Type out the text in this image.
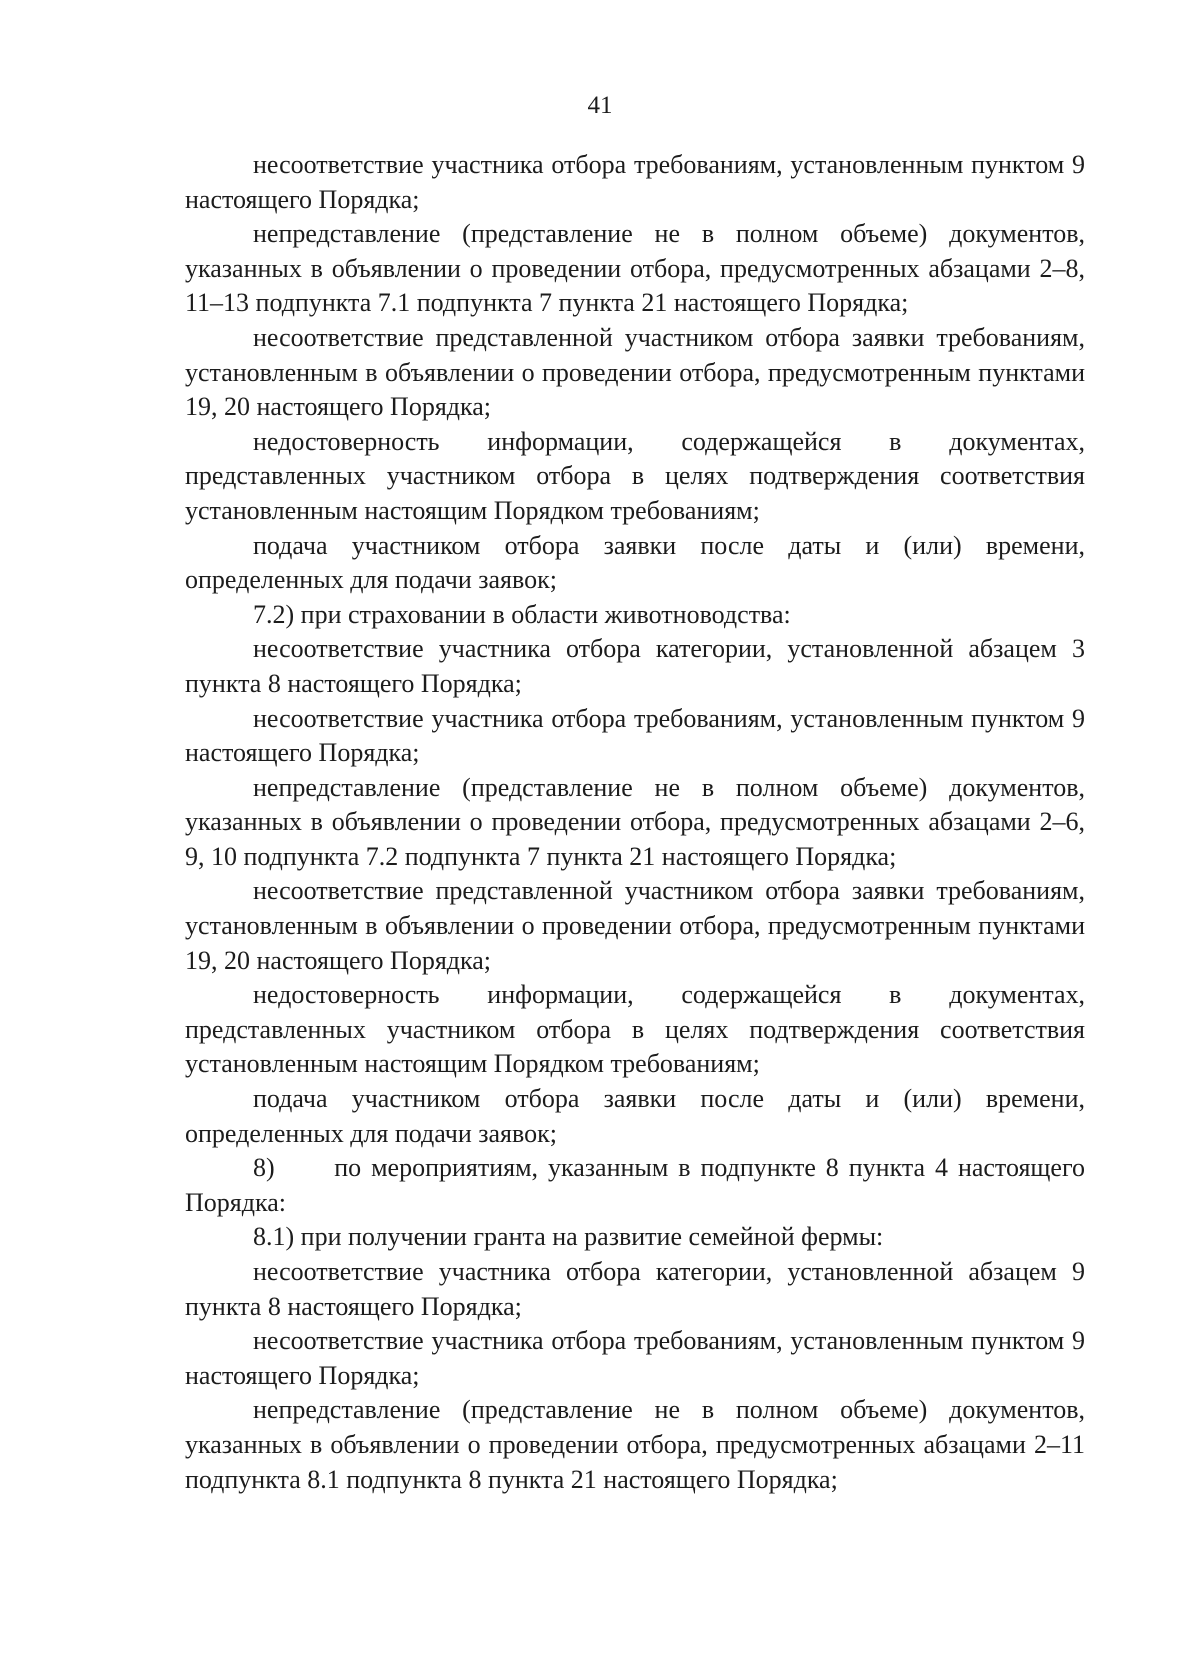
41

несоответствие участника отбора требованиям, установленным пунктом 9 настоящего Порядка;

непредставление (представление не в полном объеме) документов, указанных в объявлении о проведении отбора, предусмотренных абзацами 2–8, 11–13 подпункта 7.1 подпункта 7 пункта 21 настоящего Порядка;

несоответствие представленной участником отбора заявки требованиям, установленным в объявлении о проведении отбора, предусмотренным пунктами 19, 20 настоящего Порядка;

недостоверность информации, содержащейся в документах, представленных участником отбора в целях подтверждения соответствия установленным настоящим Порядком требованиям;

подача участником отбора заявки после даты и (или) времени, определенных для подачи заявок;

7.2) при страховании в области животноводства:

несоответствие участника отбора категории, установленной абзацем 3 пункта 8 настоящего Порядка;

несоответствие участника отбора требованиям, установленным пунктом 9 настоящего Порядка;

непредставление (представление не в полном объеме) документов, указанных в объявлении о проведении отбора, предусмотренных абзацами 2–6, 9, 10 подпункта 7.2 подпункта 7 пункта 21 настоящего Порядка;

несоответствие представленной участником отбора заявки требованиям, установленным в объявлении о проведении отбора, предусмотренным пунктами 19, 20 настоящего Порядка;

недостоверность информации, содержащейся в документах, представленных участником отбора в целях подтверждения соответствия установленным настоящим Порядком требованиям;

подача участником отбора заявки после даты и (или) времени, определенных для подачи заявок;

8)      по мероприятиям, указанным в подпункте 8 пункта 4 настоящего Порядка:

8.1) при получении гранта на развитие семейной фермы:

несоответствие участника отбора категории, установленной абзацем 9 пункта 8 настоящего Порядка;

несоответствие участника отбора требованиям, установленным пунктом 9 настоящего Порядка;

непредставление (представление не в полном объеме) документов, указанных в объявлении о проведении отбора, предусмотренных абзацами 2–11 подпункта 8.1 подпункта 8 пункта 21 настоящего Порядка;
